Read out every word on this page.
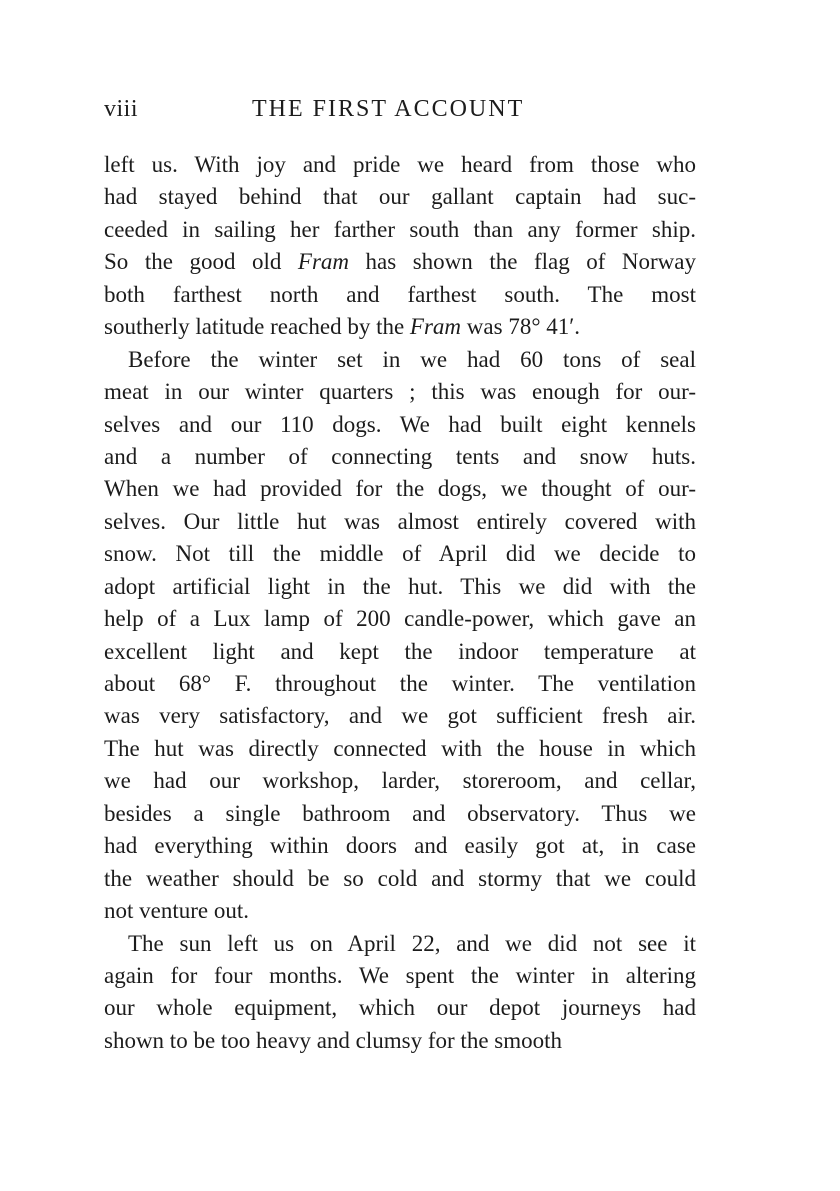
viii	THE FIRST ACCOUNT
left us. With joy and pride we heard from those who
had stayed behind that our gallant captain had suc-
ceeded in sailing her farther south than any former ship.
So the good old Fram has shown the flag of Norway
both farthest north and farthest south. The most
southerly latitude reached by the Fram was 78° 41′.
Before the winter set in we had 60 tons of seal
meat in our winter quarters ; this was enough for our-
selves and our 110 dogs. We had built eight kennels
and a number of connecting tents and snow huts.
When we had provided for the dogs, we thought of our-
selves. Our little hut was almost entirely covered with
snow. Not till the middle of April did we decide to
adopt artificial light in the hut. This we did with the
help of a Lux lamp of 200 candle-power, which gave an
excellent light and kept the indoor temperature at
about 68° F. throughout the winter. The ventilation
was very satisfactory, and we got sufficient fresh air.
The hut was directly connected with the house in which
we had our workshop, larder, storeroom, and cellar,
besides a single bathroom and observatory. Thus we
had everything within doors and easily got at, in case
the weather should be so cold and stormy that we could
not venture out.
The sun left us on April 22, and we did not see it
again for four months. We spent the winter in altering
our whole equipment, which our depot journeys had
shown to be too heavy and clumsy for the smooth
